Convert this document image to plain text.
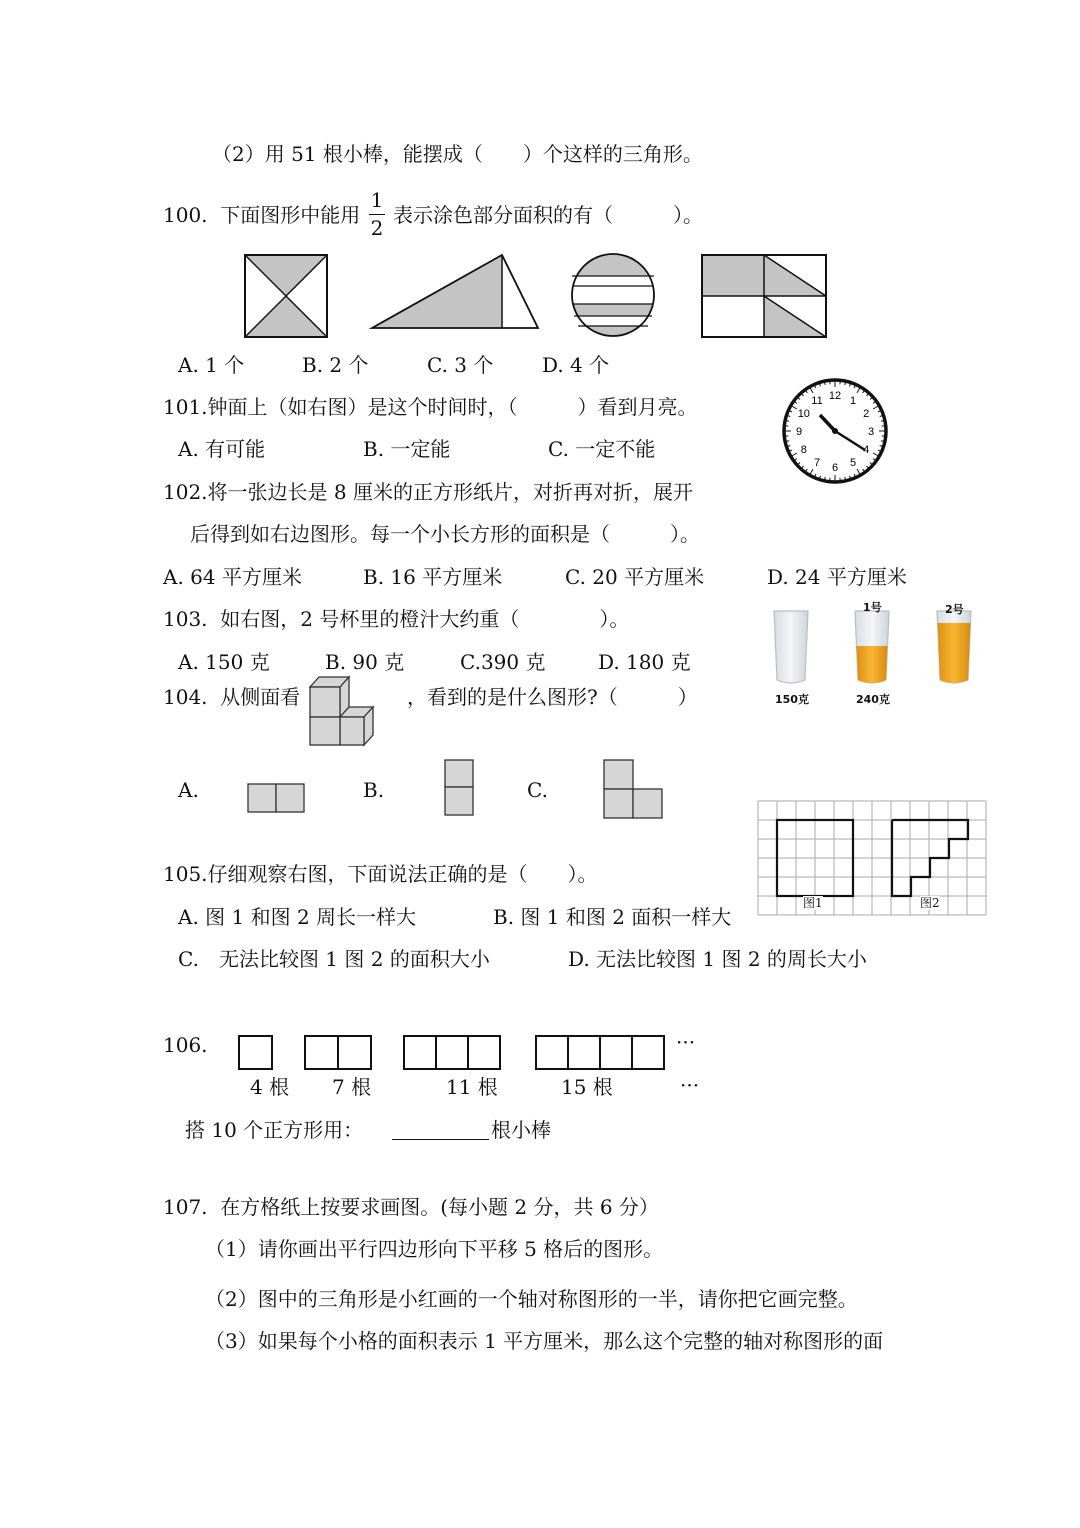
（2）用 51 根小棒，能摆成（　　）个这样的三角形。
100.  下面图形中能用
1
2
表示涂色部分面积的有（　　　）。
A. 1 个	B. 2 个	C. 3 个 D. 4 个
101.钟面上（如右图）是这个时间时，（　　　）看到月亮。
A. 有可能	B. 一定能	C. 一定不能
12 1
2
3
4
5
6
7
8
9
10
11
102.将一张边长是 8 厘米的正方形纸片，对折再对折，展开
后得到如右边图形。每一个小长方形的面积是（　　　）。
A. 64 平方厘米	B. 16 平方厘米	C. 20 平方厘米	D. 24 平方厘米
103.  如右图，2 号杯里的橙汁大约重（　　　　）。
A. 150 克	B. 90 克	C.390 克	D. 180 克
1号	2号
150克	240克
104.  从侧面看	，看到的是什么图形?（　　　）
A.	B.	C.
105.仔细观察右图，下面说法正确的是（　　）。
A. 图 1 和图 2 周长一样大	B. 图 1 和图 2 面积一样大
C.　无法比较图 1 图 2 的面积大小	D. 无法比较图 1 图 2 的周长大小
图1	图2
106.	···
4 根 7 根	11 根	15 根	···
搭 10 个正方形用：	根小棒
107.  在方格纸上按要求画图。(每小题 2 分，共 6 分）
（1）请你画出平行四边形向下平移 5 格后的图形。
（2）图中的三角形是小红画的一个轴对称图形的一半，请你把它画完整。
（3）如果每个小格的面积表示 1 平方厘米，那么这个完整的轴对称图形的面
